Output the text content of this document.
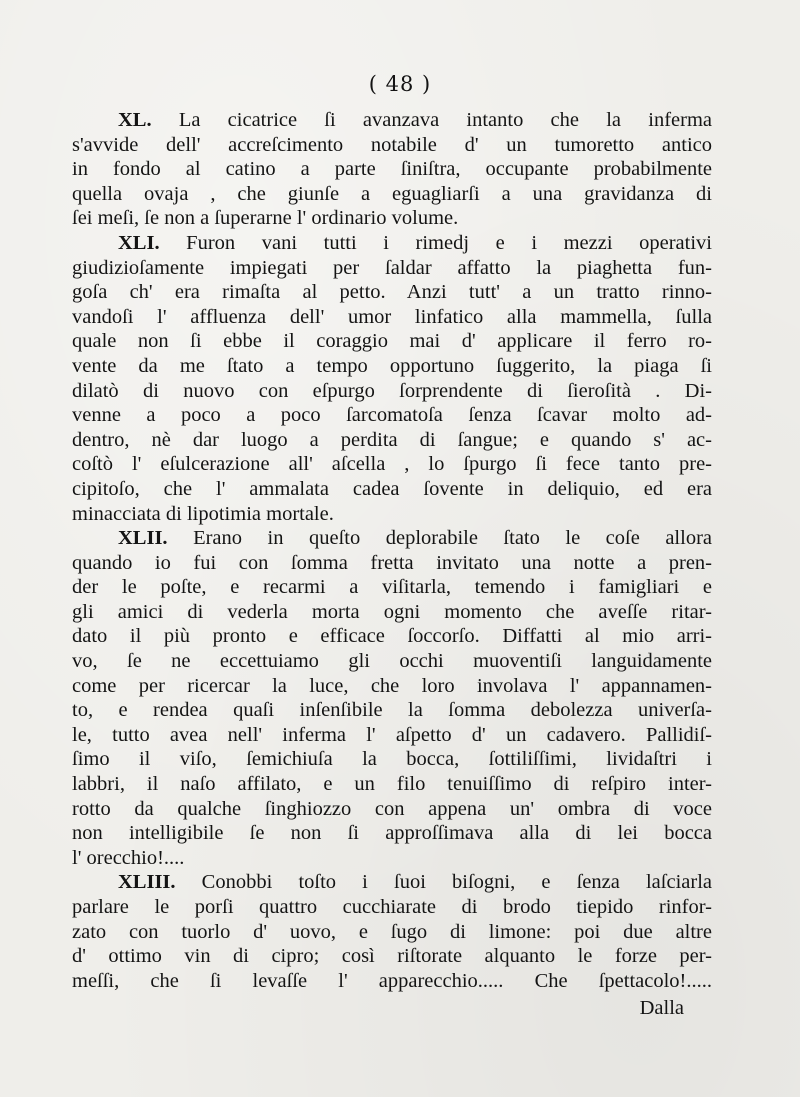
( 48 )
XL. La cicatrice ſi avanzava intanto che la inferma
s'avvide dell' accreſcimento notabile d' un tumoretto antico
in fondo al catino a parte ſiniſtra, occupante probabilmente
quella ovaja , che giunſe a eguagliarſi a una gravidanza di
ſei meſi, ſe non a ſuperarne l' ordinario volume.
XLI. Furon vani tutti i rimedj e i mezzi operativi
giudizioſamente impiegati per ſaldar affatto la piaghetta fun-
goſa ch' era rimaſta al petto. Anzi tutt' a un tratto rinno-
vandoſi l' affluenza dell' umor linfatico alla mammella, ſulla
quale non ſi ebbe il coraggio mai d' applicare il ferro ro-
vente da me ſtato a tempo opportuno ſuggerito, la piaga ſi
dilatò di nuovo con eſpurgo ſorprendente di ſieroſità . Di-
venne a poco a poco ſarcomatoſa ſenza ſcavar molto ad-
dentro, nè dar luogo a perdita di ſangue; e quando s' ac-
coſtò l' eſulcerazione all' aſcella , lo ſpurgo ſi fece tanto pre-
cipitoſo, che l' ammalata cadea ſovente in deliquio, ed era
minacciata di lipotimia mortale.
XLII. Erano in queſto deplorabile ſtato le coſe allora
quando io fui con ſomma fretta invitato una notte a pren-
der le poſte, e recarmi a viſitarla, temendo i famigliari e
gli amici di vederla morta ogni momento che aveſſe ritar-
dato il più pronto e efficace ſoccorſo. Diffatti al mio arri-
vo, ſe ne eccettuiamo gli occhi muoventiſi languidamente
come per ricercar la luce, che loro involava l' appannamen-
to, e rendea quaſi inſenſibile la ſomma debolezza univerſa-
le, tutto avea nell' inferma l' aſpetto d' un cadavero. Pallidiſ-
ſimo il viſo, ſemichiuſa la bocca, ſottiliſſimi, lividaſtri i
labbri, il naſo affilato, e un filo tenuiſſimo di reſpiro inter-
rotto da qualche ſinghiozzo con appena un' ombra di voce
non intelligibile ſe non ſi approſſimava alla di lei bocca
l' orecchio!....
XLIII. Conobbi toſto i ſuoi biſogni, e ſenza laſciarla
parlare le porſi quattro cucchiarate di brodo tiepido rinfor-
zato con tuorlo d' uovo, e ſugo di limone: poi due altre
d' ottimo vin di cipro; così riſtorate alquanto le forze per-
meſſi, che ſi levaſſe l' apparecchio..... Che ſpettacolo!.....
Dalla
